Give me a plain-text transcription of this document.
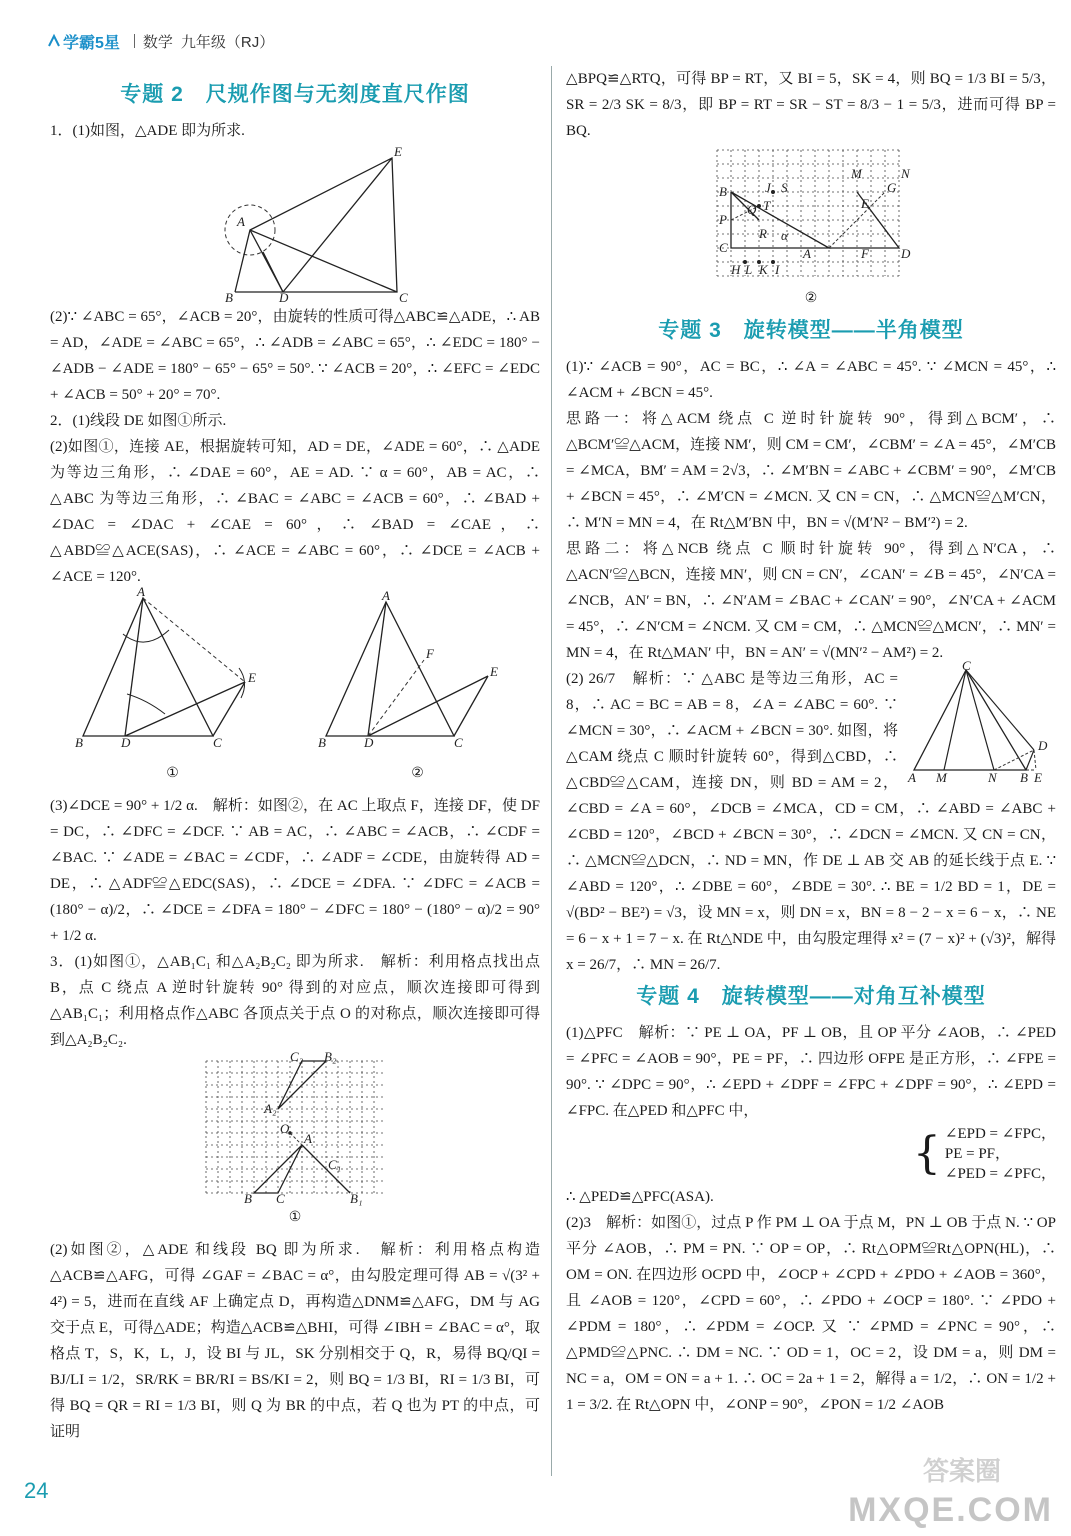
学霸5星 数学 九年级（RJ）
专题 2 尺规作图与无刻度直尺作图

1．(1)如图，△ADE 即为所求.

A
B	C
D
E

(2)∵ ∠ABC = 65°，∠ACB = 20°，由旋转的性质可得△ABC≌△ADE，∴ AB = AD，∠ADE = ∠ABC = 65°，∴ ∠ADB = ∠ABC = 65°，∴ ∠EDC = 180° − ∠ADB − ∠ADE = 180° − 65° − 65° = 50°. ∵ ∠ACB = 20°，∴ ∠EFC = ∠EDC + ∠ACB = 50° + 20° = 70°.

2．(1)线段 DE 如图①所示.

(2)如图①，连接 AE，根据旋转可知，AD = DE，∠ADE = 60°，∴ △ADE 为等边三角形，∴ ∠DAE = 60°，AE = AD. ∵ α = 60°，AB = AC，∴ △ABC 为等边三角形，∴ ∠BAC = ∠ABC = ∠ACB = 60°，∴ ∠BAD + ∠DAC = ∠DAC + ∠CAE = 60°，∴ ∠BAD = ∠CAE，∴ △ABD≌△ACE(SAS)，∴ ∠ACE = ∠ABC = 60°，∴ ∠DCE = ∠ACB + ∠ACE = 120°.

A
B	C
D
E
①
A
B	C
D
E
F
②

(3)∠DCE = 90° + 1/2 α.　解析：如图②，在 AC 上取点 F，连接 DF，使 DF = DC，∴ ∠DFC = ∠DCF. ∵ AB = AC，∴ ∠ABC = ∠ACB，∴ ∠CDF = ∠BAC. ∵ ∠ADE = ∠BAC = ∠CDF，∴ ∠ADF = ∠CDE，由旋转得 AD = DE，∴ △ADF≌△EDC(SAS)，∴ ∠DCE = ∠DFA. ∵ ∠DFC = ∠ACB = (180° − α)/2，∴ ∠DCE = ∠DFA = 180° − ∠DFC = 180° − (180° − α)/2 = 90° + 1/2 α.

3．(1)如图①，△AB₁C₁ 和△A₂B₂C₂ 即为所求.　解析：利用格点找出点 B，点 C 绕点 A 逆时针旋转 90° 得到的对应点，顺次连接即可得到△AB₁C₁；利用格点作△ABC 各顶点关于点 O 的对称点，顺次连接即可得到△A₂B₂C₂.

A
B C
O
A₂
B₁
B₂
C₁
C₂
①

(2)如图②，△ADE 和线段 BQ 即为所求.　解析：利用格点构造△ACB≌△AFG，可得 ∠GAF = ∠BAC = α°，由勾股定理可得 AB = √(3² + 4²) = 5，进而在直线 AF 上确定点 D，再构造△DNM≌△AFG，DM 与 AG 交于点 E，可得△ADE；构造△ACB≌△BHI，可得 ∠IBH = ∠BAC = α°，取格点 T，S，K，L，J，设 BI 与 JL，SK 分别相交于 Q，R，易得 BQ/QI = BJ/LI = 1/2，SR/RK = BR/RI = BS/KI = 2，则 BQ = 1/3 BI，RI = 1/3 BI，可得 BQ = QR = RI = 1/3 BI，则 Q 为 BR 的中点，若 Q 也为 PT 的中点，可证明

△BPQ≌△RTQ，可得 BP = RT，又 BI = 5，SK = 4，则 BQ = 1/3 BI = 5/3，SR = 2/3 SK = 8/3，即 BP = RT = SR − ST = 8/3 − 1 = 5/3，进而可得 BP = BQ.

B
P
C	A	D
F
G
M	N
E
J S
T
Q
R α
H L K I
②
专题 3 旋转模型——半角模型

(1)∵ ∠ACB = 90°，AC = BC，∴ ∠A = ∠ABC = 45°. ∵ ∠MCN = 45°，∴ ∠ACM + ∠BCN = 45°.

思路一：将△ACM 绕点 C 逆时针旋转 90°，得到△BCM′，∴ △BCM′≌△ACM，连接 NM′，则 CM = CM′，∠CBM′ = ∠A = 45°，∠M′CB = ∠MCA，BM′ = AM = 2√3，∴ ∠M′BN = ∠ABC + ∠CBM′ = 90°，∠M′CB + ∠BCN = 45°，∴ ∠M′CN = ∠MCN. 又 CN = CN，∴ △MCN≌△M′CN，∴ M′N = MN = 4，在 Rt△M′BN 中，BN = √(M′N² − BM′²) = 2.

思路二：将△NCB 绕点 C 顺时针旋转 90°，得到△N′CA，∴ △ACN′≌△BCN，连接 MN′，则 CN = CN′，∠CAN′ = ∠B = 45°，∠N′CA = ∠NCB，AN′ = BN，∴ ∠N′AM = ∠BAC + ∠CAN′ = 90°，∠N′CA + ∠ACM = 45°，∴ ∠N′CM = ∠NCM. 又 CM = CM，∴ △MCN≌△MCN′，∴ MN′ = MN = 4，在 Rt△MAN′ 中，BN = AN′ = √(MN′² − AM²) = 2.

C
A M	N B E
D

(2) 26/7　解析：∵ △ABC 是等边三角形，AC = 8，∴ AC = BC = AB = 8，∠A = ∠ABC = 60°. ∵ ∠MCN = 30°，∴ ∠ACM + ∠BCN = 30°. 如图，将△CAM 绕点 C 顺时针旋转 60°，得到△CBD，∴ △CBD≌△CAM，连接 DN，则 BD = AM = 2，∠CBD = ∠A = 60°，∠DCB = ∠MCA，CD = CM，∴ ∠ABD = ∠ABC + ∠CBD = 120°，∠BCD + ∠BCN = 30°，∴ ∠DCN = ∠MCN. 又 CN = CN，∴ △MCN≌△DCN，∴ ND = MN，作 DE ⊥ AB 交 AB 的延长线于点 E. ∵ ∠ABD = 120°，∴ ∠DBE = 60°，∠BDE = 30°. ∴ BE = 1/2 BD = 1，DE = √(BD² − BE²) = √3，设 MN = x，则 DN = x，BN = 8 − 2 − x = 6 − x，∴ NE = 6 − x + 1 = 7 − x. 在 Rt△NDE 中，由勾股定理得 x² = (7 − x)² + (√3)²，解得 x = 26/7，∴ MN = 26/7.

专题 4 旋转模型——对角互补模型

(1)△PFC　解析：∵ PE ⊥ OA，PF ⊥ OB，且 OP 平分 ∠AOB，∴ ∠PED = ∠PFC = ∠AOB = 90°，PE = PF，∴ 四边形 OFPE 是正方形，∴ ∠FPE = 90°. ∵ ∠DPC = 90°，∴ ∠EPD + ∠DPF = ∠FPC + ∠DPF = 90°，∴ ∠EPD = ∠FPC. 在△PED 和△PFC 中，

{ ∠EPD = ∠FPC，
PE = PF，
∠PED = ∠PFC，

∴ △PED≌△PFC(ASA).

(2)3　解析：如图①，过点 P 作 PM ⊥ OA 于点 M，PN ⊥ OB 于点 N. ∵ OP 平分 ∠AOB，∴ PM = PN. ∵ OP = OP，∴ Rt△OPM≌Rt△OPN(HL)，∴ OM = ON. 在四边形 OCPD 中，∠OCP + ∠CPD + ∠PDO + ∠AOB = 360°，且 ∠AOB = 120°，∠CPD = 60°，∴ ∠PDO + ∠OCP = 180°. ∵ ∠PDO + ∠PDM = 180°，∴ ∠PDM = ∠OCP. 又 ∵ ∠PMD = ∠PNC = 90°，∴ △PMD≌△PNC. ∴ DM = NC. ∵ OD = 1，OC = 2，设 DM = a，则 DM = NC = a，OM = ON = a + 1. ∴ OC = 2a + 1 = 2，解得 a = 1/2，∴ ON = 1/2 + 1 = 3/2. 在 Rt△OPN 中，∠ONP = 90°，∠PON = 1/2 ∠AOB

24
答案圈
MXQE.COM
